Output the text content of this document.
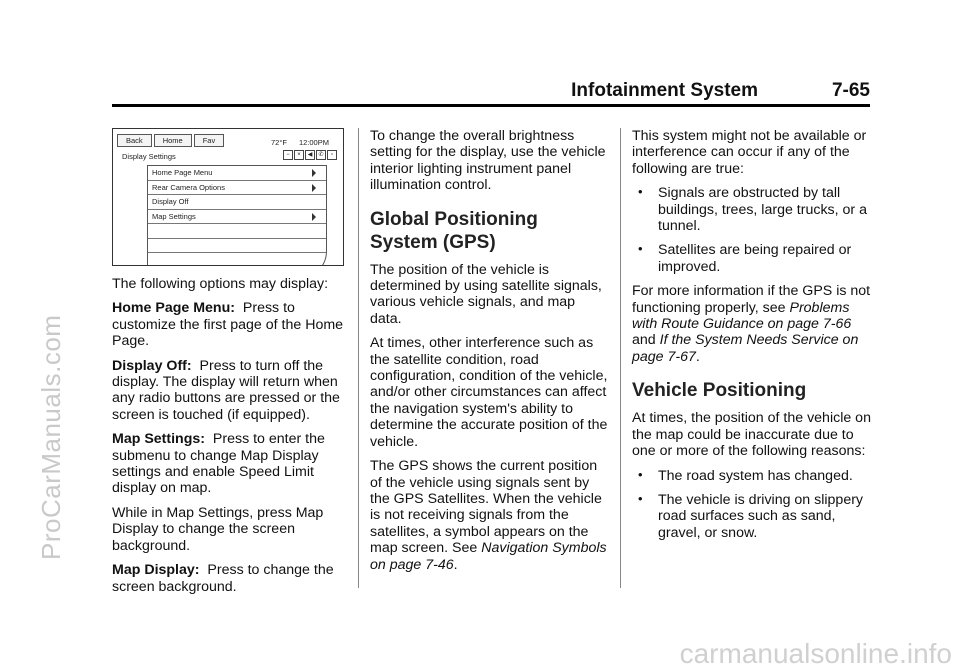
ProCarManuals.com
carmanualsonline.info
Infotainment System	7-65
Back	Home	Fav	72°F 12:00PM
Display Settings	−	×	◀	✆	▫
Home Page Menu
Rear Camera Options
Display Off
Map Settings

The following options may display:

Home Page Menu: Press to customize the first page of the Home Page.

Display Off: Press to turn off the display. The display will return when any radio buttons are pressed or the screen is touched (if equipped).

Map Settings: Press to enter the submenu to change Map Display settings and enable Speed Limit display on map.

While in Map Settings, press Map Display to change the screen background.

Map Display: Press to change the screen background.

To change the overall brightness setting for the display, use the vehicle interior lighting instrument panel illumination control.

Global Positioning System (GPS)

The position of the vehicle is determined by using satellite signals, various vehicle signals, and map data.

At times, other interference such as the satellite condition, road configuration, condition of the vehicle, and/or other circumstances can affect the navigation system's ability to determine the accurate position of the vehicle.

The GPS shows the current position of the vehicle using signals sent by the GPS Satellites. When the vehicle is not receiving signals from the satellites, a symbol appears on the map screen. See Navigation Symbols on page 7-46.

This system might not be available or interference can occur if any of the following are true:

• Signals are obstructed by tall buildings, trees, large trucks, or a tunnel.

• Satellites are being repaired or improved.

For more information if the GPS is not functioning properly, see Problems with Route Guidance on page 7-66 and If the System Needs Service on page 7-67.

Vehicle Positioning

At times, the position of the vehicle on the map could be inaccurate due to one or more of the following reasons:

• The road system has changed.

• The vehicle is driving on slippery road surfaces such as sand, gravel, or snow.
